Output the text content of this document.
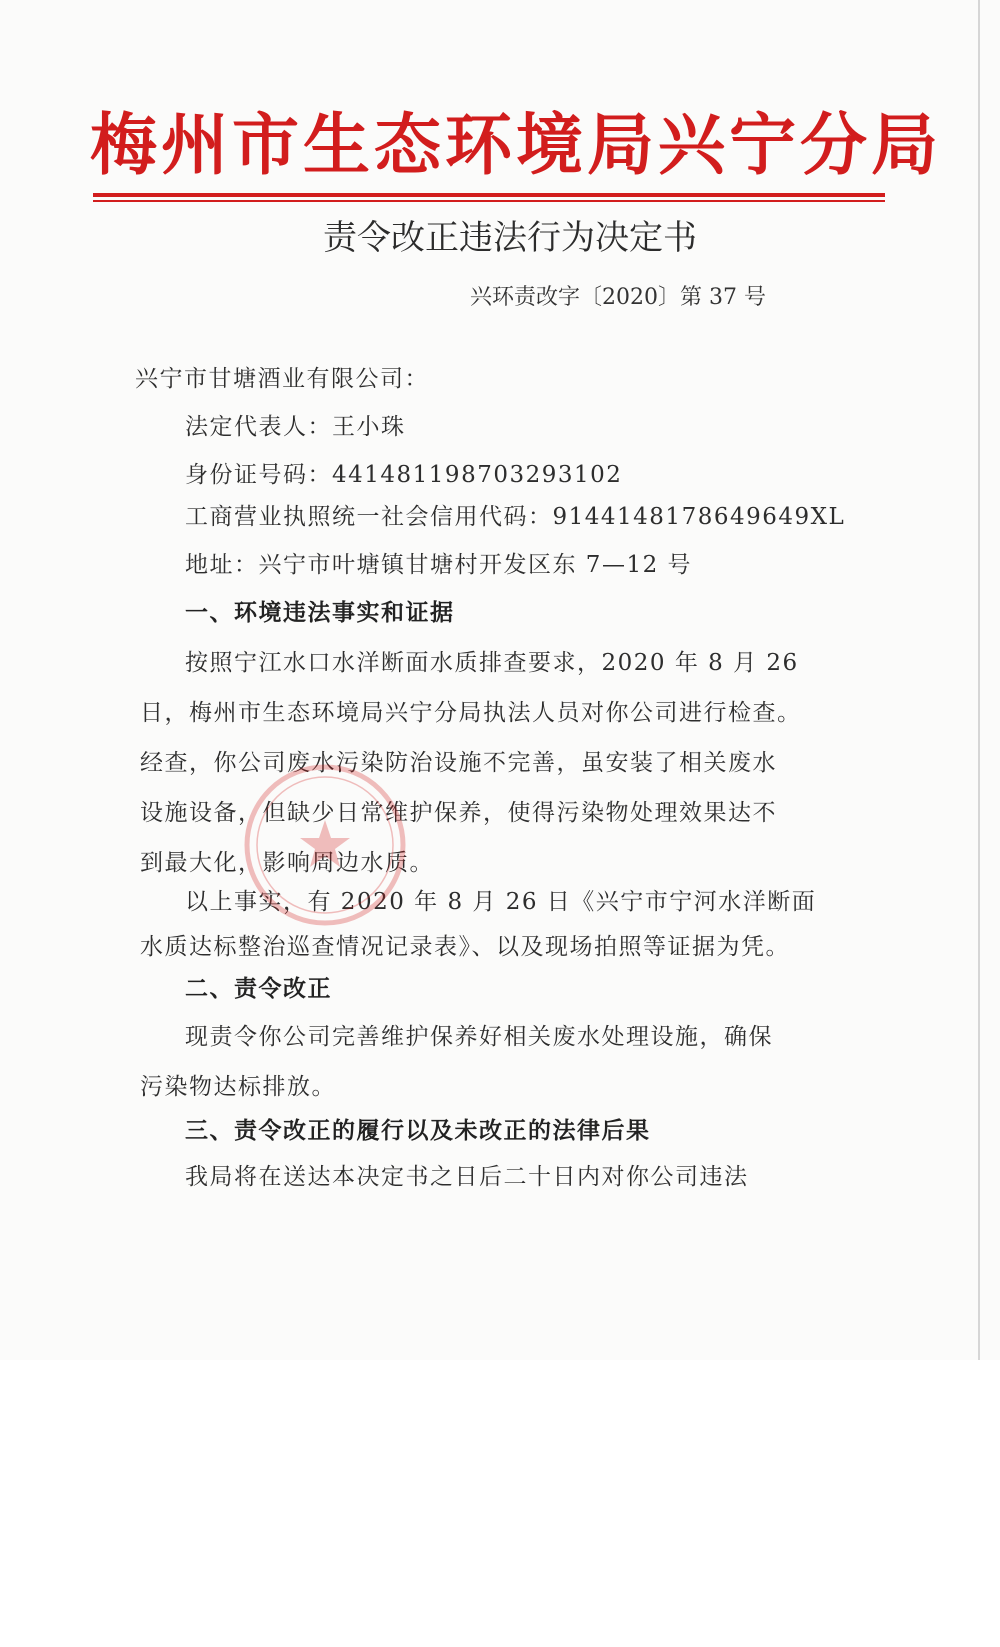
梅州市生态环境局兴宁分局
责令改正违法行为决定书
兴环责改字〔2020〕第 37 号
兴宁市甘塘酒业有限公司：
法定代表人：王小珠
身份证号码：441481198703293102
工商营业执照统一社会信用代码：9144148178649649XL
地址：兴宁市叶塘镇甘塘村开发区东 7—12 号
一、环境违法事实和证据
按照宁江水口水洋断面水质排查要求，2020 年 8 月 26
日，梅州市生态环境局兴宁分局执法人员对你公司进行检查。
经查，你公司废水污染防治设施不完善，虽安装了相关废水
设施设备，但缺少日常维护保养，使得污染物处理效果达不
到最大化，影响周边水质。
以上事实，有 2020 年 8 月 26 日《兴宁市宁河水洋断面
水质达标整治巡查情况记录表》、以及现场拍照等证据为凭。
二、责令改正
现责令你公司完善维护保养好相关废水处理设施，确保
污染物达标排放。
三、责令改正的履行以及未改正的法律后果
我局将在送达本决定书之日后二十日内对你公司违法
